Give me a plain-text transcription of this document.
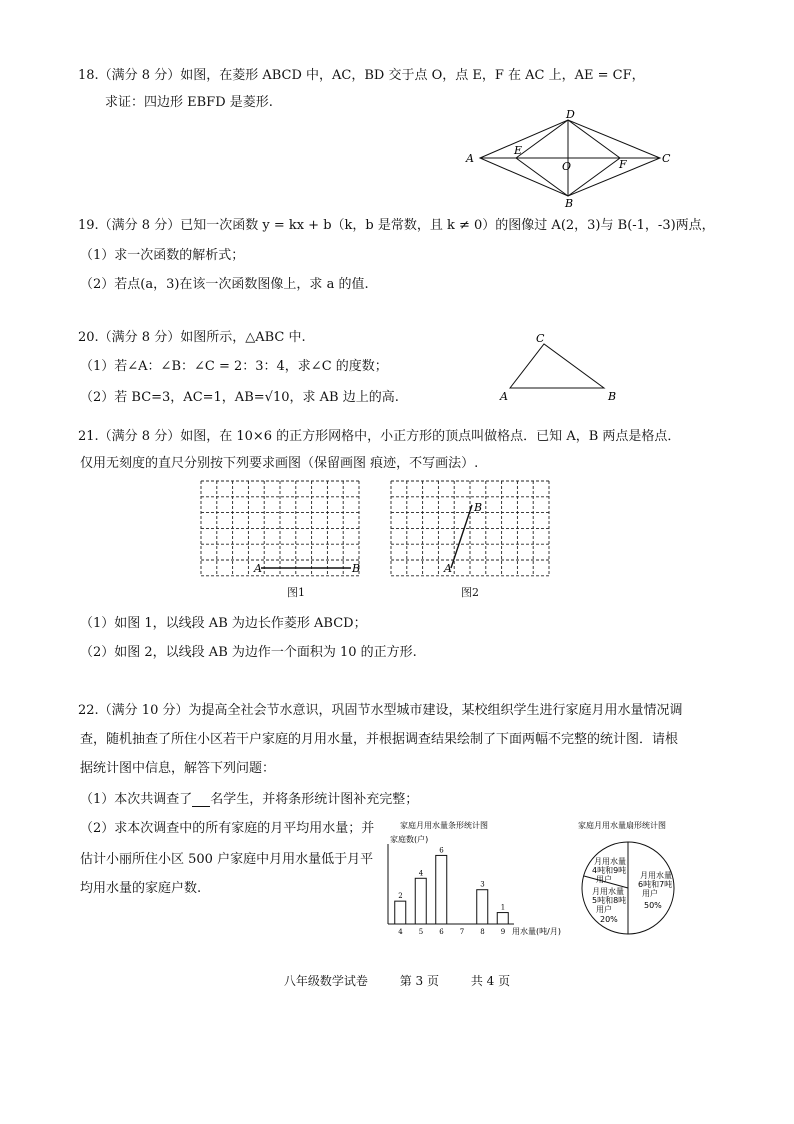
18.（满分 8 分）如图，在菱形 ABCD 中，AC，BD 交于点 O，点 E，F 在 AC 上，AE = CF，
求证：四边形 EBFD 是菱形.
A
D
C
B
E
F
O
19.（满分 8 分）已知一次函数 y = kx + b（k，b 是常数，且 k ≠ 0）的图像过 A(2，3)与 B(-1，-3)两点，
（1）求一次函数的解析式；
（2）若点(a，3)在该一次函数图像上，求 a 的值.
20.（满分 8 分）如图所示，△ABC 中.
（1）若∠A：∠B：∠C = 2：3：4，求∠C 的度数；
（2）若 BC=3，AC=1，AB=√10，求 AB 边上的高.
C
A	B
21.（满分 8 分）如图，在 10×6 的正方形网格中，小正方形的顶点叫做格点．已知 A，B 两点是格点．
仅用无刻度的直尺分别按下列要求画图（保留画图 痕迹，不写画法）.
A	B
图1
A
B
图2
（1）如图 1，以线段 AB 为边长作菱形 ABCD；
（2）如图 2，以线段 AB 为边作一个面积为 10 的正方形.
22.（满分 10 分）为提高全社会节水意识，巩固节水型城市建设，某校组织学生进行家庭月用水量情况调
查，随机抽查了所住小区若干户家庭的月用水量，并根据调查结果绘制了下面两幅不完整的统计图．请根
据统计图中信息，解答下列问题：
（1）本次共调查了 名学生，并将条形统计图补充完整；
（2）求本次调查中的所有家庭的月平均用水量；并
估计小丽所住小区 500 户家庭中月用水量低于月平
均用水量的家庭户数.
家庭月用水量条形统计图
家庭数(户)
2
4
4
5
6
6 7
3
8
1
9 用水量(吨/月)
家庭月用水量扇形统计图
月用水量
4吨和9吨
用户
月用水量
5吨和8吨
用户
20%
月用水量
6吨和7吨
用户
50%
八年级数学试卷	第 3 页	共 4 页
